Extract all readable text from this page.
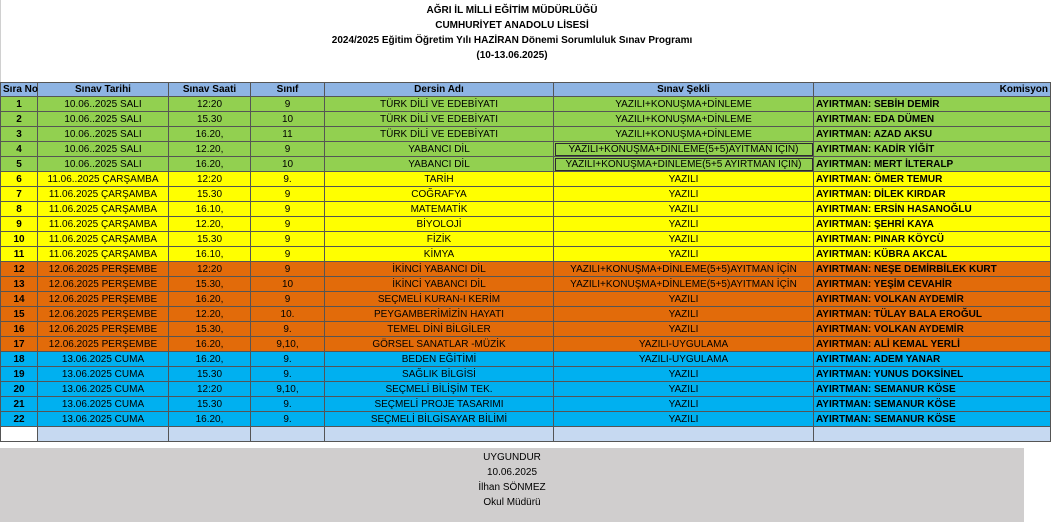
AĞRI İL MİLLİ EĞİTİM MÜDÜRLÜĞÜ
CUMHURİYET ANADOLU LİSESİ
2024/2025 Eğitim Öğretim Yılı HAZİRAN Dönemi Sorumluluk Sınav Programı
(10-13.06.2025)
Sıra No	Sınav Tarihi	Sınav Saati	Sınıf	Dersin Adı	Sınav Şekli	Komisyon
1	10.06..2025 SALI	12:20	9	TÜRK DİLİ VE EDEBİYATI	YAZILI+KONUŞMA+DİNLEME	AYIRTMAN: SEBİH DEMİR
2	10.06..2025 SALI	15.30	10	TÜRK DİLİ VE EDEBİYATI	YAZILI+KONUŞMA+DİNLEME	AYIRTMAN: EDA DÜMEN
3	10.06..2025 SALI	16.20,	11	TÜRK DİLİ VE EDEBİYATI	YAZILI+KONUŞMA+DİNLEME	AYIRTMAN: AZAD AKSU
4	10.06..2025 SALI	12.20,	9	YABANCI DİL	YAZILI+KONUŞMA+DİNLEME(5+5)AYITMAN İÇİN)	AYIRTMAN: KADİR YİĞİT
5	10.06..2025 SALI	16.20,	10	YABANCI DİL	YAZILI+KONUŞMA+DİNLEME(5+5 AYIRTMAN İÇİN)	AYIRTMAN: MERT İLTERALP
6	11.06..2025 ÇARŞAMBA	12:20	9.	TARİH	YAZILI	AYIRTMAN: ÖMER TEMUR
7	11.06.2025 ÇARŞAMBA	15.30	9	COĞRAFYA	YAZILI	AYIRTMAN: DİLEK KIRDAR
8	11.06.2025 ÇARŞAMBA	16.10,	9	MATEMATİK	YAZILI	AYIRTMAN: ERSİN HASANOĞLU
9	11.06.2025 ÇARŞAMBA	12.20,	9	BİYOLOJİ	YAZILI	AYIRTMAN: ŞEHRİ KAYA
10	11.06.2025 ÇARŞAMBA	15.30	9	FİZİK	YAZILI	AYIRTMAN: PINAR KÖYCÜ
11	11.06.2025 ÇARŞAMBA	16.10,	9	KİMYA	YAZILI	AYIRTMAN: KÜBRA AKCAL
12	12.06.2025 PERŞEMBE	12:20	9	İKİNCİ YABANCI DİL	YAZILI+KONUŞMA+DİNLEME(5+5)AYITMAN İÇİN	AYIRTMAN: NEŞE DEMİRBİLEK KURT
13	12.06.2025 PERŞEMBE	15.30,	10	İKİNCİ YABANCI DİL	YAZILI+KONUŞMA+DİNLEME(5+5)AYITMAN İÇİN	AYIRTMAN: YEŞİM CEVAHİR
14	12.06.2025 PERŞEMBE	16.20,	9	SEÇMELİ KURAN-I KERİM	YAZILI	AYIRTMAN: VOLKAN AYDEMİR
15	12.06.2025 PERŞEMBE	12.20,	10.	PEYGAMBERİMİZİN HAYATI	YAZILI	AYIRTMAN: TÜLAY BALA EROĞUL
16	12.06.2025 PERŞEMBE	15.30,	9.	TEMEL DİNİ BİLGİLER	YAZILI	AYIRTMAN: VOLKAN AYDEMİR
17	12.06.2025 PERŞEMBE	16.20,	9,10,	GÖRSEL SANATLAR -MÜZİK	YAZILI-UYGULAMA	AYIRTMAN: ALİ KEMAL YERLİ
18	13.06.2025 CUMA	16.20,	9.	BEDEN EĞİTİMİ	YAZILI-UYGULAMA	AYIRTMAN: ADEM YANAR
19	13.06.2025 CUMA	15.30	9.	SAĞLIK BİLGİSİ	YAZILI	AYIRTMAN: YUNUS DOKSİNEL
20	13.06.2025 CUMA	12:20	9,10,	SEÇMELİ BİLİŞİM TEK.	YAZILI	AYIRTMAN: SEMANUR KÖSE
21	13.06.2025 CUMA	15.30	9.	SEÇMELİ PROJE TASARIMI	YAZILI	AYIRTMAN: SEMANUR KÖSE
22	13.06.2025 CUMA	16.20,	9.	SEÇMELİ BİLGİSAYAR BİLİMİ	YAZILI	AYIRTMAN: SEMANUR KÖSE

UYGUNDUR
10.06.2025
İlhan SÖNMEZ
Okul Müdürü
